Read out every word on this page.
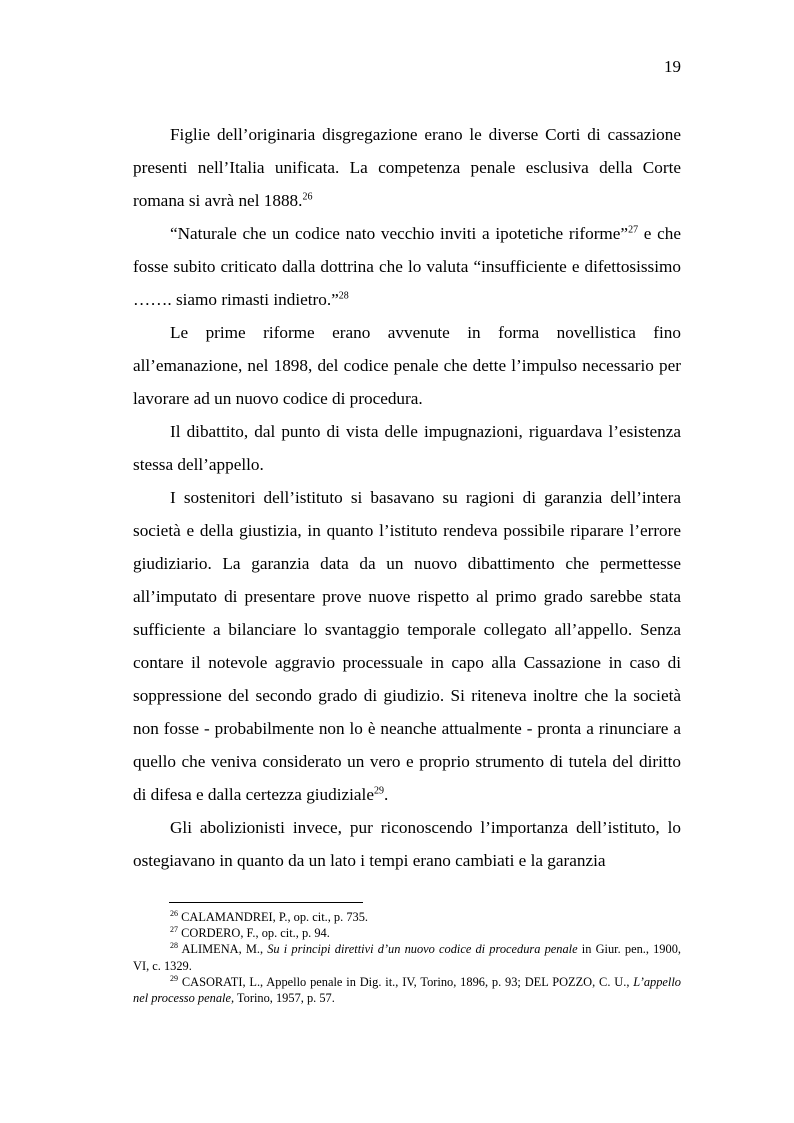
19

Figlie dell’originaria disgregazione erano le diverse Corti di cassazione presenti nell’Italia unificata. La competenza penale esclusiva della Corte romana si avrà nel 1888.26

“Naturale che un codice nato vecchio inviti a ipotetiche riforme”$^{27}$ e che fosse subito criticato dalla dottrina che lo valuta “insufficiente e difettosissimo ……. siamo rimasti indietro.”$^{28}$

Le prime riforme erano avvenute in forma novellistica fino all’emanazione, nel 1898, del codice penale che dette l’impulso necessario per lavorare ad un nuovo codice di procedura.

Il dibattito, dal punto di vista delle impugnazioni, riguardava l’esistenza stessa dell’appello.

I sostenitori dell’istituto si basavano su ragioni di garanzia dell’intera società e della giustizia, in quanto l’istituto rendeva possibile riparare l’errore giudiziario. La garanzia data da un nuovo dibattimento che permettesse all’imputato di presentare prove nuove rispetto al primo grado sarebbe stata sufficiente a bilanciare lo svantaggio temporale collegato all’appello. Senza contare il notevole aggravio processuale in capo alla Cassazione in caso di soppressione del secondo grado di giudizio. Si riteneva inoltre che la società non fosse - probabilmente non lo è neanche attualmente - pronta a rinunciare a quello che veniva considerato un vero e proprio strumento di tutela del diritto di difesa e dalla certezza giudiziale$^{29}$.

Gli abolizionisti invece, pur riconoscendo l’importanza dell’istituto, lo ostegiavano in quanto da un lato i tempi erano cambiati e la garanzia

$^{26}$ CALAMANDREI, P., op. cit., p. 735.

$^{27}$ CORDERO, F., op. cit., p. 94.

$^{28}$ ALIMENA, M., Su i principi direttivi d’un nuovo codice di procedura penale in Giur. pen., 1900, VI, c. 1329.

$^{29}$ CASORATI, L., Appello penale in Dig. it., IV, Torino, 1896, p. 93; DEL POZZO, C. U., L’appello nel processo penale, Torino, 1957, p. 57.
